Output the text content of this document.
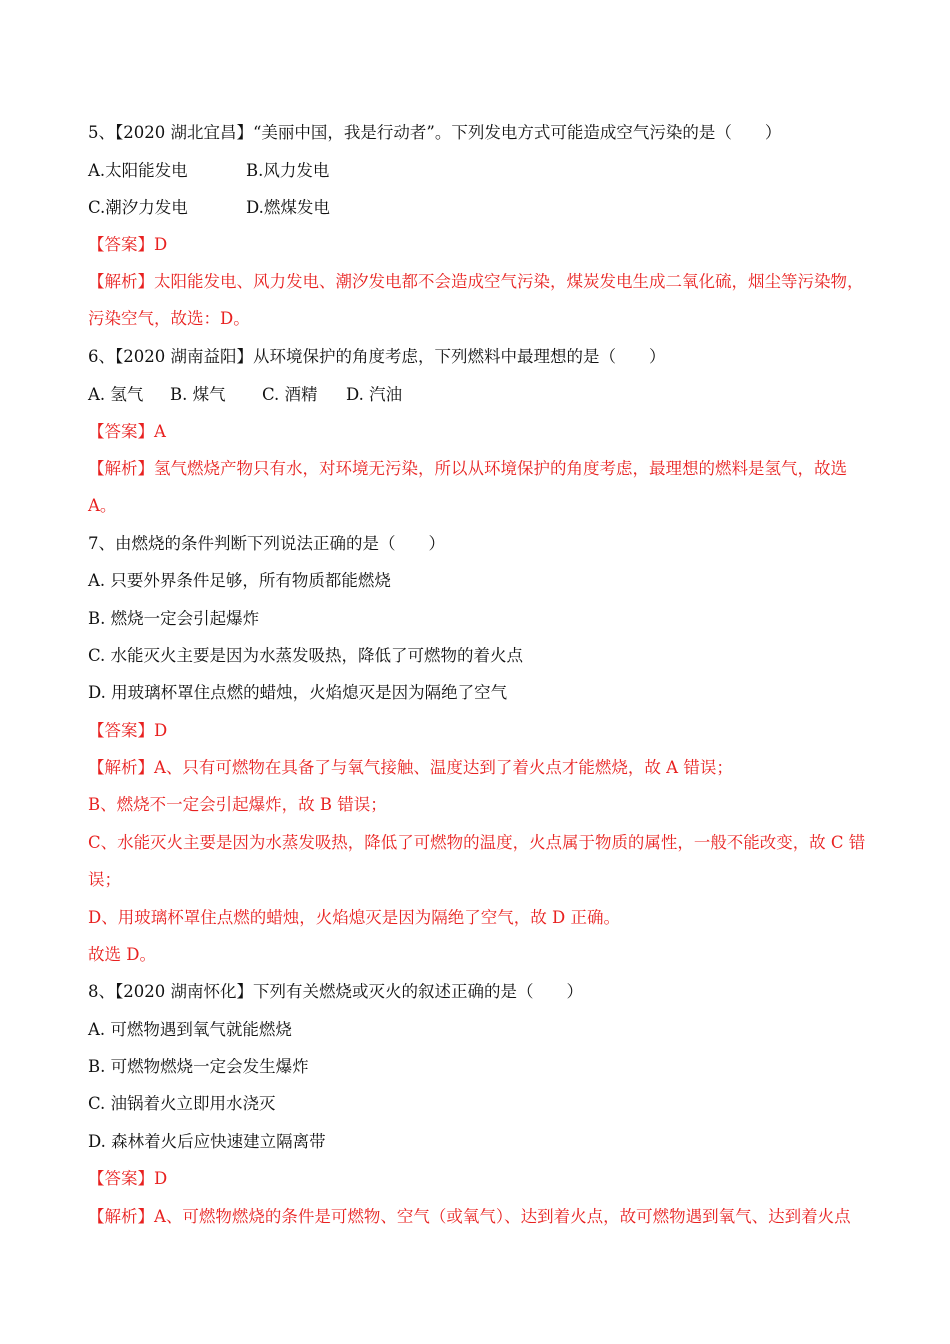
5、【2020 湖北宜昌】“美丽中国，我是行动者”。下列发电方式可能造成空气污染的是（　　）
A.太阳能发电	B.风力发电
C.潮汐力发电	D.燃煤发电
【答案】D
【解析】太阳能发电、风力发电、潮汐发电都不会造成空气污染，煤炭发电生成二氧化硫，烟尘等污染物，
污染空气，故选：D。
6、【2020 湖南益阳】从环境保护的角度考虑，下列燃料中最理想的是（　　）
A. 氢气 B. 煤气 C. 酒精 D. 汽油
【答案】A
【解析】氢气燃烧产物只有水，对环境无污染，所以从环境保护的角度考虑，最理想的燃料是氢气，故选
A。
7、由燃烧的条件判断下列说法正确的是（　　）
A. 只要外界条件足够，所有物质都能燃烧
B. 燃烧一定会引起爆炸
C. 水能灭火主要是因为水蒸发吸热，降低了可燃物的着火点
D. 用玻璃杯罩住点燃的蜡烛，火焰熄灭是因为隔绝了空气
【答案】D
【解析】A、只有可燃物在具备了与氧气接触、温度达到了着火点才能燃烧，故 A 错误；
B、燃烧不一定会引起爆炸，故 B 错误；
C、水能灭火主要是因为水蒸发吸热，降低了可燃物的温度，火点属于物质的属性，一般不能改变，故 C 错
误；
D、用玻璃杯罩住点燃的蜡烛，火焰熄灭是因为隔绝了空气，故 D 正确。
故选 D。
8、【2020 湖南怀化】下列有关燃烧或灭火的叙述正确的是（　　）
A. 可燃物遇到氧气就能燃烧
B. 可燃物燃烧一定会发生爆炸
C. 油锅着火立即用水浇灭
D. 森林着火后应快速建立隔离带
【答案】D
【解析】A、可燃物燃烧的条件是可燃物、空气（或氧气）、达到着火点，故可燃物遇到氧气、达到着火点
